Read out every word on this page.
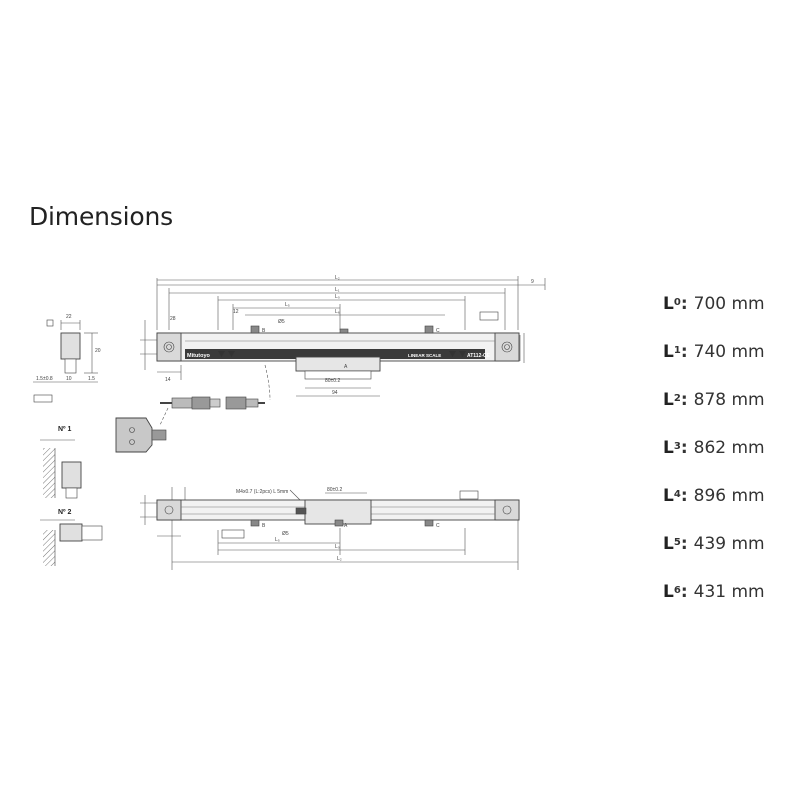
Dimensions
Mitutoyo	LINEAR SCALE	AT112-CE
Nº 1
Nº 2
M4x0.7 (L:2pcs) L 5mm	80±0.2
80±0.2
94
22
20
1.5±0.8	10	1.5
9
28
14
12
Ø5
Ø5
A
B	C
A
B	C
L₂
L₁
L₀
L₅
L₆
L₂
L₀
L₅
$L^0$ : 700 mm
$L^1$ : 740 mm
$L^2$ : 878 mm
$L^3$ : 862 mm
$L^4$ : 896 mm
$L^5$ : 439 mm
$L^6$ : 431 mm
